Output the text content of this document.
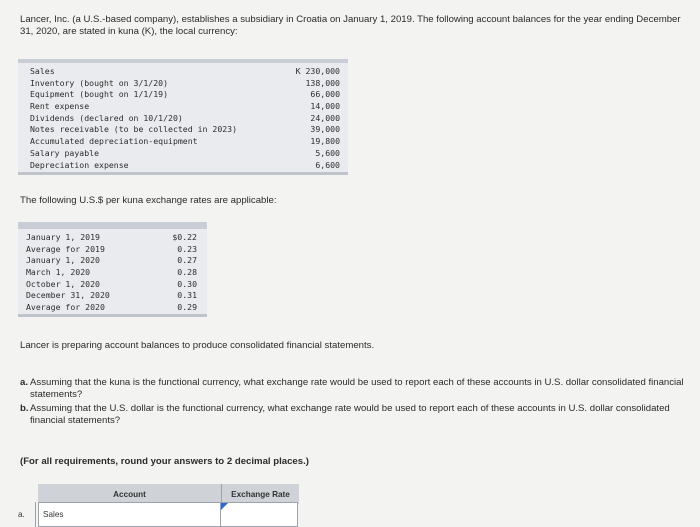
Lancer, Inc. (a U.S.-based company), establishes a subsidiary in Croatia on January 1, 2019. The following account balances for the year ending December 31, 2020, are stated in kuna (K), the local currency:
Sales
Inventory (bought on 3/1/20)
Equipment (bought on 1/1/19)
Rent expense
Dividends (declared on 10/1/20)
Notes receivable (to be collected in 2023)
Accumulated depreciation-equipment
Salary payable
Depreciation expense
K 230,000
138,000
66,000
14,000
24,000
39,000
19,800
5,600
6,600
The following U.S.$ per kuna exchange rates are applicable:
January 1, 2019
Average for 2019
January 1, 2020
March 1, 2020
October 1, 2020
December 31, 2020
Average for 2020
$0.22
0.23
0.27
0.28
0.30
0.31
0.29
Lancer is preparing account balances to produce consolidated financial statements.
a. Assuming that the kuna is the functional currency, what exchange rate would be used to report each of these accounts in U.S. dollar consolidated financial statements?
b. Assuming that the U.S. dollar is the functional currency, what exchange rate would be used to report each of these accounts in U.S. dollar consolidated financial statements?
(For all requirements, round your answers to 2 decimal places.)
Account	Exchange Rate
a.	Sales
